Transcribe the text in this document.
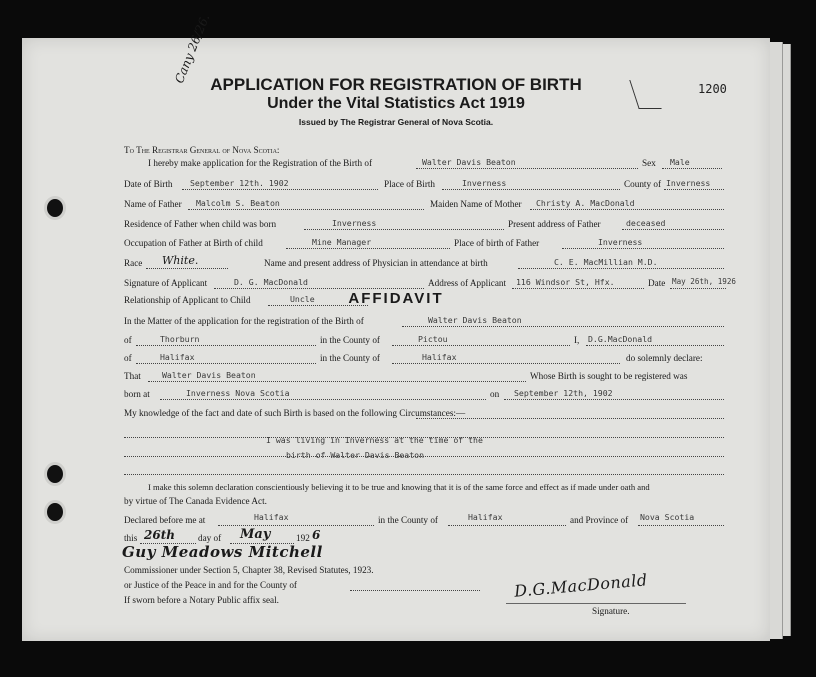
Cany 26/26.
1200
APPLICATION FOR REGISTRATION OF BIRTH
Under the Vital Statistics Act 1919
Issued by The Registrar General of Nova Scotia.
To The Registrar General of Nova Scotia:
I hereby make application for the Registration of the Birth of	Walter Davis Beaton	Sex Male
Date of Birth September 12th. 1902	Place of Birth	Inverness	County of Inverness
Name of Father Malcolm S. Beaton	Maiden Name of Mother Christy A. MacDonald
Residence of Father when child was born	Inverness	Present address of Father	deceased
Occupation of Father at Birth of child	Mine Manager	Place of birth of Father	Inverness
Race White.	Name and present address of Physician in attendance at birth	C. E. MacMillian M.D.
Signature of Applicant	D. G. MacDonald	Address of Applicant 116 Windsor St, Hfx.	Date May 26th, 1926
Relationship of Applicant to Child	Uncle	AFFIDAVIT
In the Matter of the application for the registration of the Birth of	Walter Davis Beaton
of	Thorburn	in the County of	Pictou	I, D.G.MacDonald
of	Halifax	in the County of	Halifax	do solemnly declare:
That	Walter Davis Beaton	Whose Birth is sought to be registered was
born at	Inverness Nova Scotia	on September 12th, 1902
My knowledge of the fact and date of such Birth is based on the following Circumstances:—
I was living in Inverness at the time of the
birth of Walter Davis Beaton
I make this solemn declaration conscientiously believing it to be true and knowing that it is of the same force and effect as if made under oath and
by virtue of The Canada Evidence Act.
Declared before me at	Halifax	in the County of	Halifax	and Province of Nova Scotia
this 26th	day of May	192 6
Guy Meadows Mitchell
Commissioner under Section 5, Chapter 38, Revised Statutes, 1923.
or Justice of the Peace in and for the County of
If sworn before a Notary Public affix seal.	D.G.MacDonald
Signature.
